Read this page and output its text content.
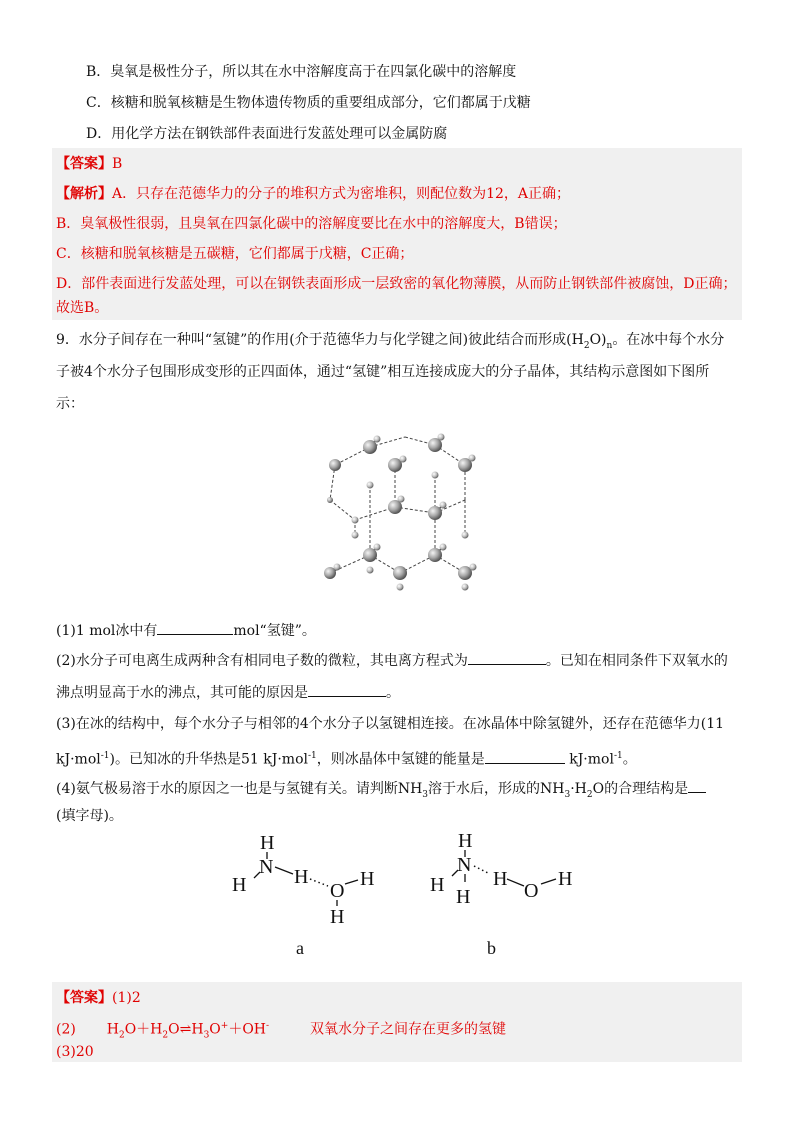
B．臭氧是极性分子，所以其在水中溶解度高于在四氯化碳中的溶解度
C．核糖和脱氧核糖是生物体遗传物质的重要组成部分，它们都属于戊糖
D．用化学方法在钢铁部件表面进行发蓝处理可以金属防腐
【答案】B
【解析】A．只存在范德华力的分子的堆积方式为密堆积，则配位数为12，A正确；
B．臭氧极性很弱，且臭氧在四氯化碳中的溶解度要比在水中的溶解度大，B错误；
C．核糖和脱氧核糖是五碳糖，它们都属于戊糖，C正确；
D．部件表面进行发蓝处理，可以在钢铁表面形成一层致密的氧化物薄膜，从而防止钢铁部件被腐蚀，D正确；
故选B。
9．水分子间存在一种叫“氢键”的作用(介于范德华力与化学键之间)彼此结合而形成$(H_2O)_n$。在冰中每个水分
子被4个水分子包围形成变形的正四面体，通过“氢键”相互连接成庞大的分子晶体，其结构示意图如下图所
示：
(1)1 mol冰中有	mol“氢键”。
(2)水分子可电离生成两种含有相同电子数的微粒，其电离方程式为	。已知在相同条件下双氧水的
沸点明显高于水的沸点，其可能的原因是	。
(3)在冰的结构中，每个水分子与相邻的4个水分子以氢键相连接。在冰晶体中除氢键外，还存在范德华力(11
kJ·mol$^{-1}$)。已知冰的升华热是51 kJ·mol$^{-1}$，则冰晶体中氢键的能量是	kJ·mol$^{-1}$。
(4)氨气极易溶于水的原因之一也是与氢键有关。请判断$NH_3$溶于水后，形成的$NH_3\cdot H_2O$的合理结构是
(填字母)。
H
N
H H
O
H
H
a
H
N
H
H
H
O
H
b
【答案】(1)2
(2) $H_2O+H_2O\rightleftharpoons H_3O^++OH^-$	双氧水分子之间存在更多的氢键
(3)20
